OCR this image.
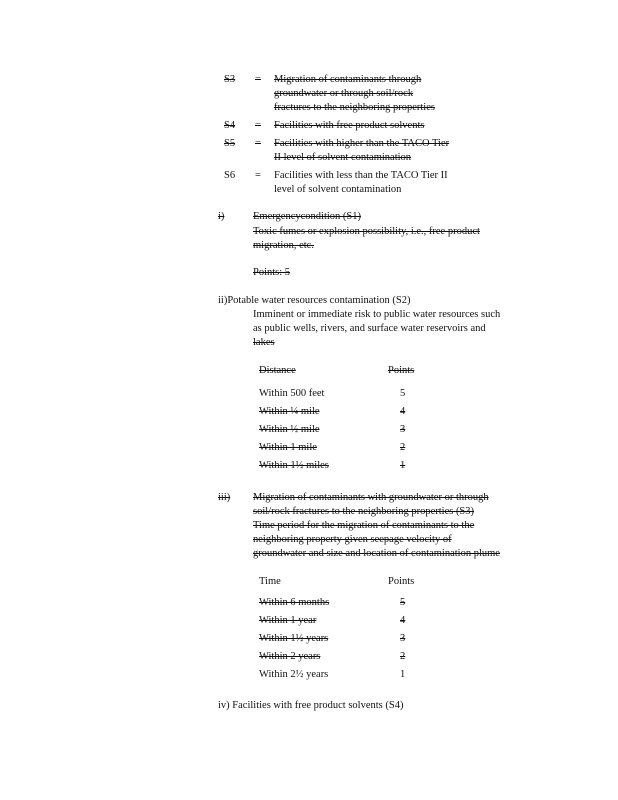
S3 = Migration of contaminants through
groundwater or through soil/rock
fractures to the neighboring properties
S4 = Facilities with free product solvents
S5 = Facilities with higher than the TACO Tier
II level of solvent contamination
S6 = Facilities with less than the TACO Tier II
level of solvent contamination
i)	Emergencycondition (S1)
Toxic fumes or explosion possibility, i.e., free product
migration, etc.
Points: 5
ii)Potable water resources contamination (S2)
Imminent or immediate risk to public water resources such
as public wells, rivers, and surface water reservoirs and
lakes
Distance	Points
Within 500 feet	5
Within ¼ mile	4
Within ½ mile	3
Within 1 mile	2
Within 1½ miles	1
iii) Migration of contaminants with groundwater or through
soil/rock fractures to the neighboring properties (S3)
Time period for the migration of contaminants to the
neighboring property given seepage velocity of
groundwater and size and location of contamination plume
Time	Points
Within 6 months	5
Within 1 year	4
Within 1½ years	3
Within 2 years	2
Within 2½ years	1
iv) Facilities with free product solvents (S4)
